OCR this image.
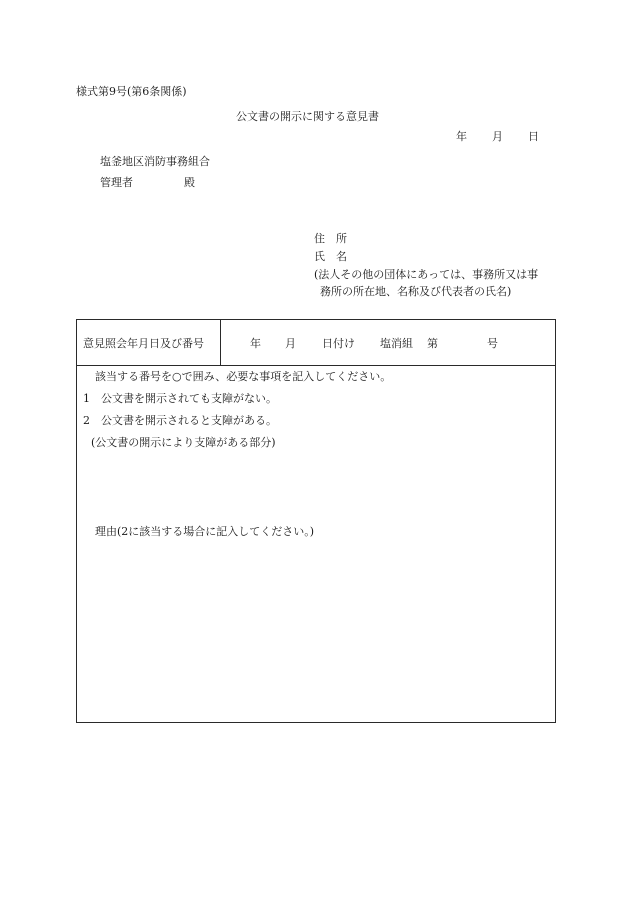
様式第9号(第6条関係)
公文書の開示に関する意見書
年 月 日
塩釜地区消防事務組合
管理者	殿
住　所
氏　名
(法人その他の団体にあっては、事務所又は事
務所の所在地、名称及び代表者の氏名)
意見照会年月日及び番号	年 月 日付け 塩消組 第	号
該当する番号を○で囲み、必要な事項を記入してください。
1　公文書を開示されても支障がない。
2　公文書を開示されると支障がある。
(公文書の開示により支障がある部分)
理由(2に該当する場合に記入してください。)
